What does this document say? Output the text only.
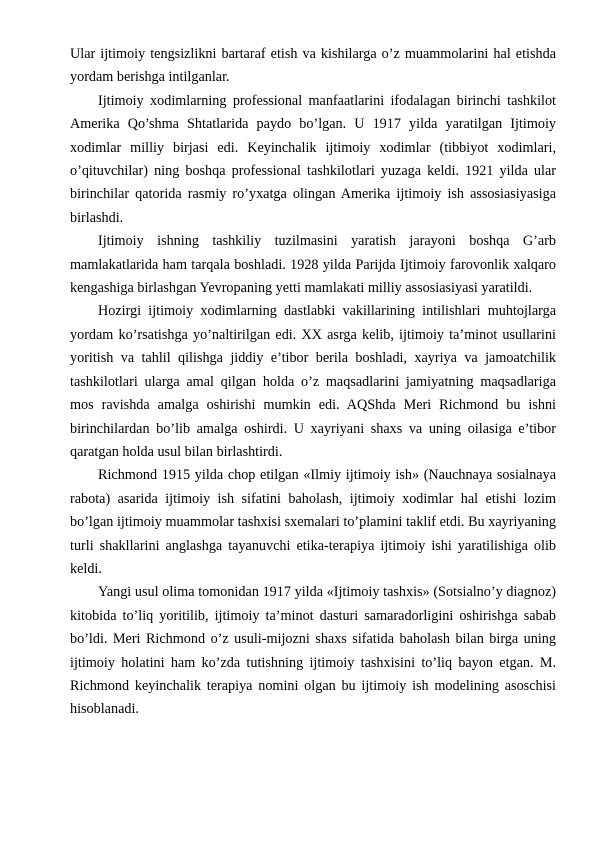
Ular ijtimoiy tengsizlikni bartaraf etish va kishilarga o’z muammolarini hal etishda yordam berishga intilganlar.

Ijtimoiy xodimlarning professional manfaatlarini ifodalagan birinchi tashkilot Amerika Qo’shma Shtatlarida paydo bo’lgan. U 1917 yilda yaratilgan Ijtimoiy xodimlar milliy birjasi edi. Keyinchalik ijtimoiy xodimlar (tibbiyot xodimlari, o’qituvchilar) ning boshqa professional tashkilotlari yuzaga keldi. 1921 yilda ular birinchilar qatorida rasmiy ro’yxatga olingan Amerika ijtimoiy ish assosiasiyasiga birlashdi.

Ijtimoiy ishning tashkiliy tuzilmasini yaratish jarayoni boshqa G’arb mamlakatlarida ham tarqala boshladi. 1928 yilda Parijda Ijtimoiy farovonlik xalqaro kengashiga birlashgan Yevropaning yetti mamlakati milliy assosiasiyasi yaratildi.

Hozirgi ijtimoiy xodimlarning dastlabki vakillarining intilishlari muhtojlarga yordam ko’rsatishga yo’naltirilgan edi. XX asrga kelib, ijtimoiy ta’minot usullarini yoritish va tahlil qilishga jiddiy e’tibor berila boshladi, xayriya va jamoatchilik tashkilotlari ularga amal qilgan holda o’z maqsadlarini jamiyatning maqsadlariga mos ravishda amalga oshirishi mumkin edi. AQShda Meri Richmond bu ishni birinchilardan bo’lib amalga oshirdi. U xayriyani shaxs va uning oilasiga e’tibor qaratgan holda usul bilan birlashtirdi.

Richmond 1915 yilda chop etilgan «Ilmiy ijtimoiy ish» (Nauchnaya sosialnaya rabota) asarida ijtimoiy ish sifatini baholash, ijtimoiy xodimlar hal etishi lozim bo’lgan ijtimoiy muammolar tashxisi sxemalari to’plamini taklif etdi. Bu xayriyaning turli shakllarini anglashga tayanuvchi etika-terapiya ijtimoiy ishi yaratilishiga olib keldi.

Yangi usul olima tomonidan 1917 yilda «Ijtimoiy tashxis» (Sotsialno’y diagnoz) kitobida to’liq yoritilib, ijtimoiy ta’minot dasturi samaradorligini oshirishga sabab bo’ldi. Meri Richmond o’z usuli-mijozni shaxs sifatida baholash bilan birga uning ijtimoiy holatini ham ko’zda tutishning ijtimoiy tashxisini to’liq bayon etgan. M. Richmond keyinchalik terapiya nomini olgan bu ijtimoiy ish modelining asoschisi hisoblanadi.
